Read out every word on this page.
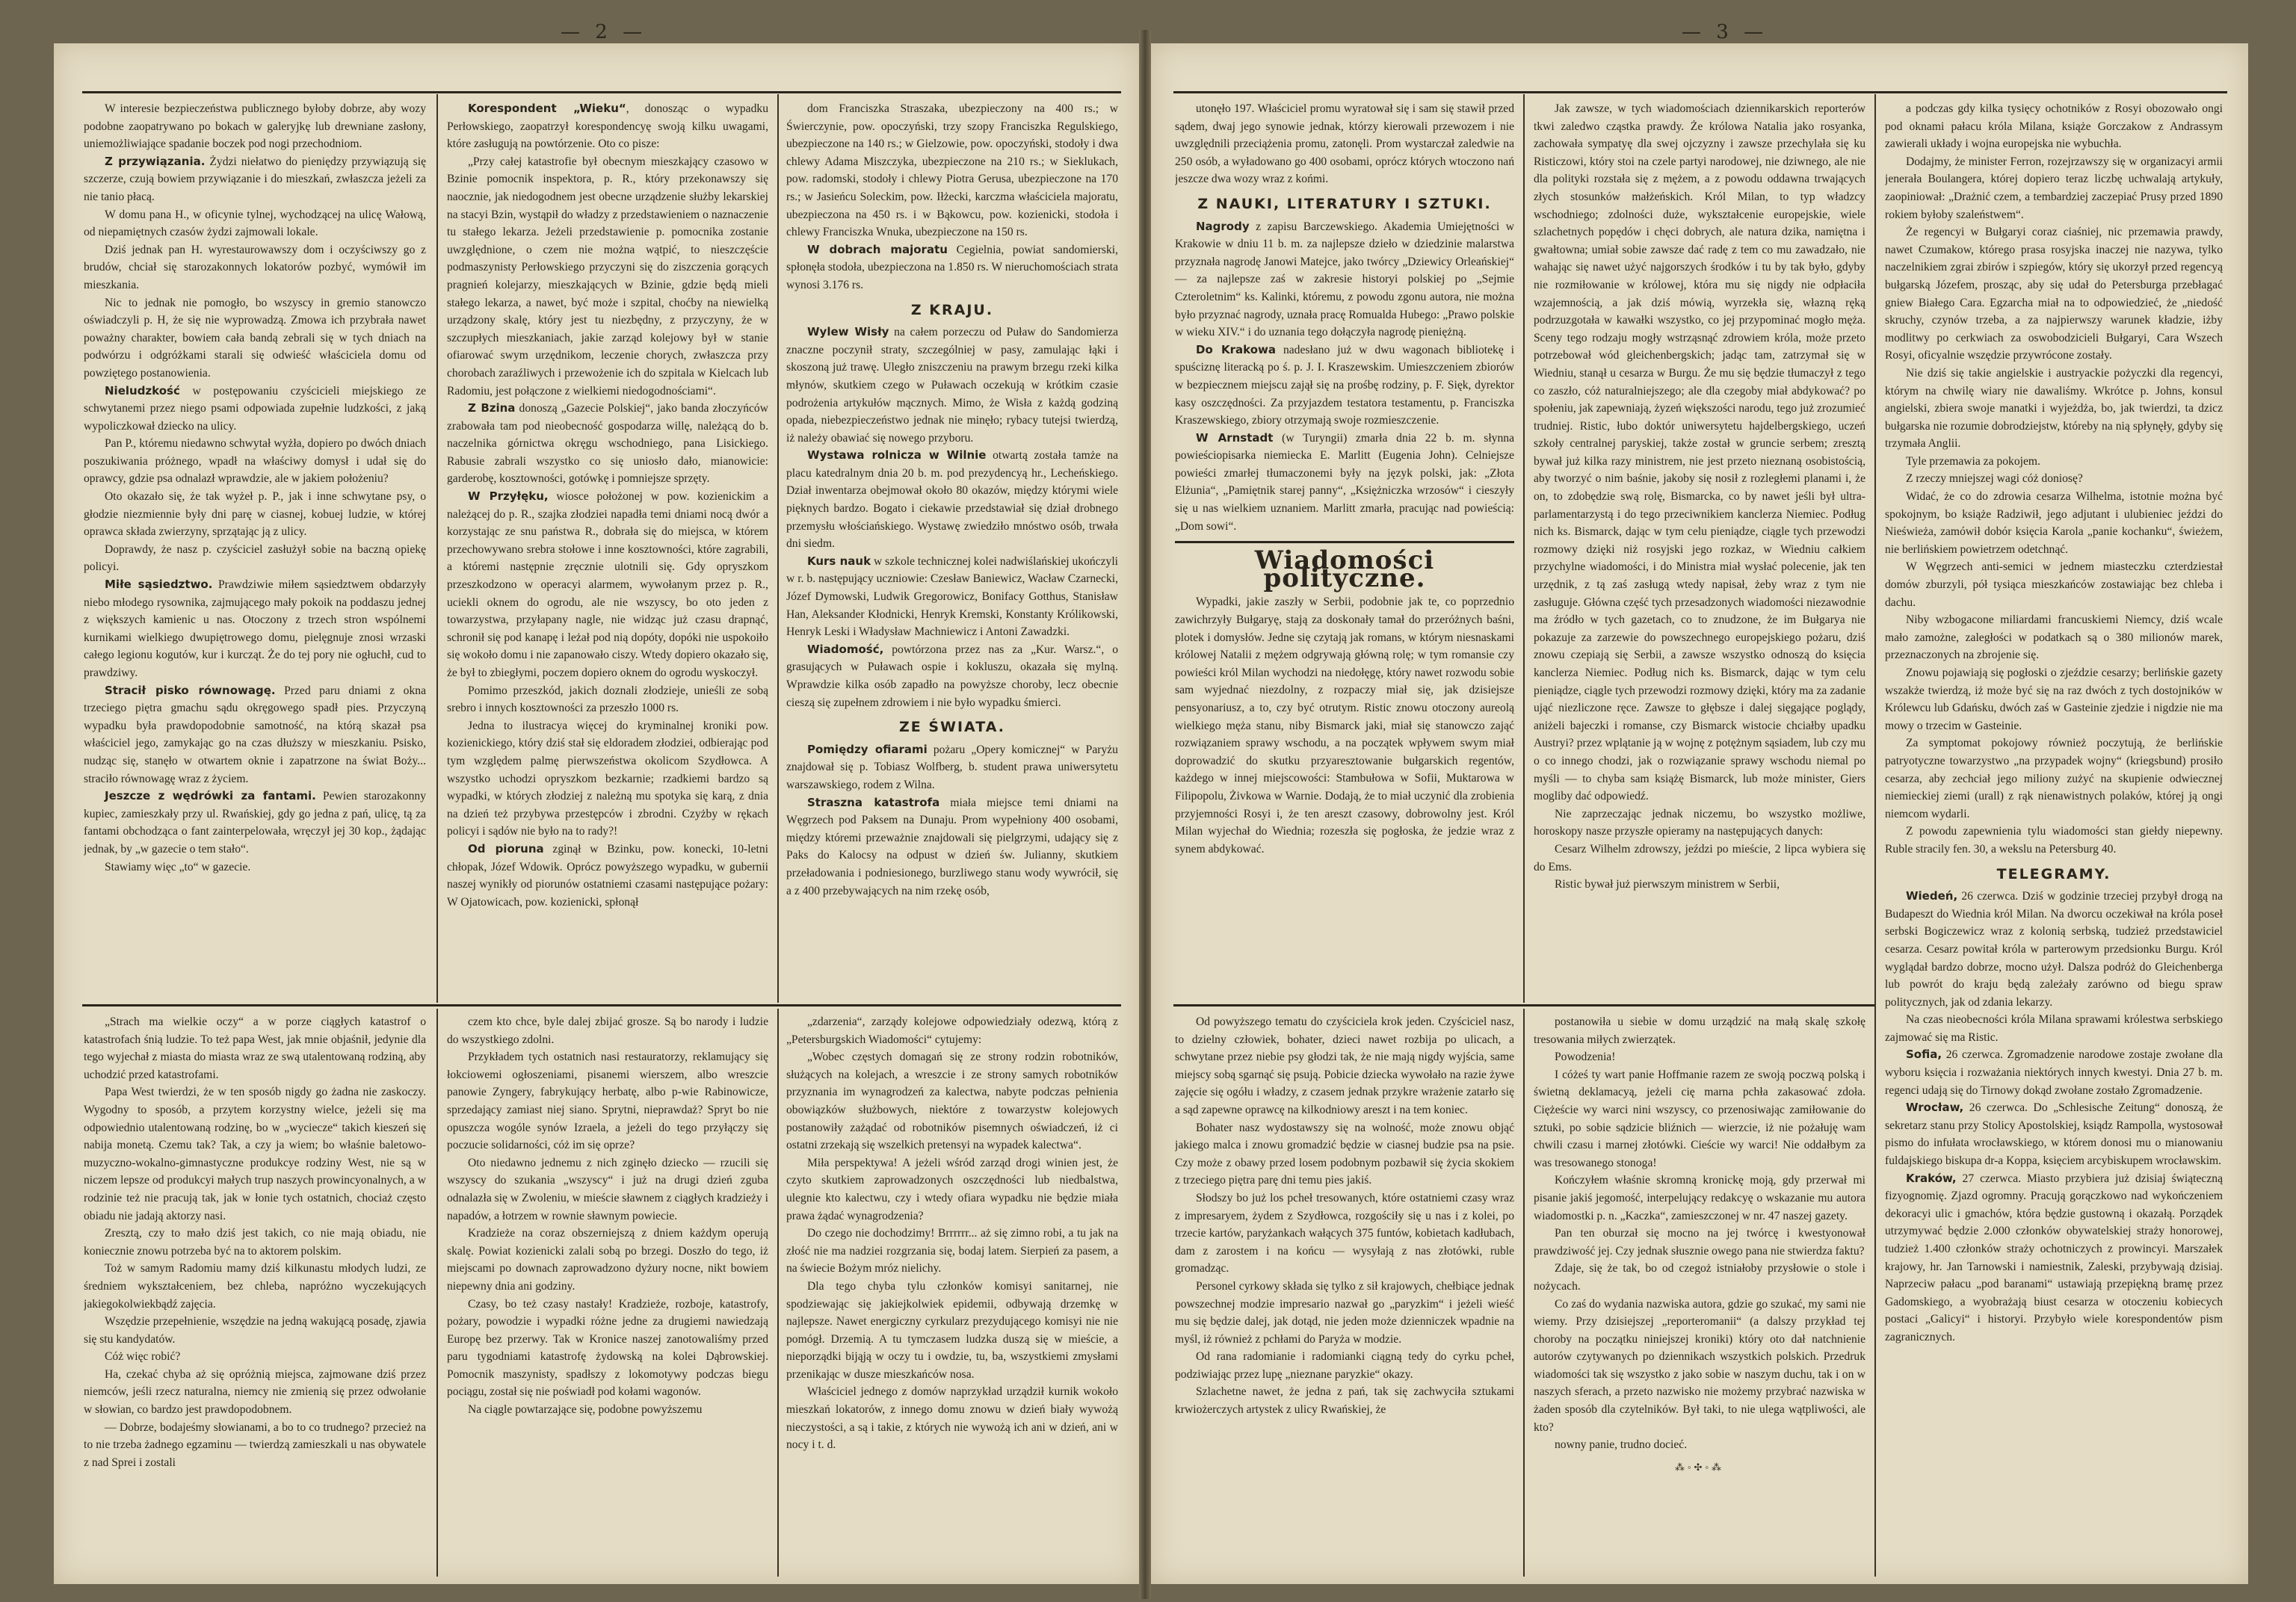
— 2 —	— 3 —

W interesie bezpieczeństwa publicznego byłoby dobrze, aby wozy podobne zaopatrywano po bokach w galeryjkę lub drewniane zasłony, uniemożliwiające spadanie boczek pod nogi przechodniom.

Z przywiązania. Żydzi niełatwo do pieniędzy przywiązują się szczerze, czują bowiem przywiązanie i do mieszkań, zwłaszcza jeżeli za nie tanio płacą.

W domu pana H., w oficynie tylnej, wychodzącej na ulicę Wałową, od niepamiętnych czasów żydzi zajmowali lokale.

Dziś jednak pan H. wyrestaurowawszy dom i oczyściwszy go z brudów, chciał się starozakonnych lokatorów pozbyć, wymówił im mieszkania.

Nic to jednak nie pomogło, bo wszyscy in gremio stanowczo oświadczyli p. H, że się nie wyprowadzą. Zmowa ich przybrała nawet poważny charakter, bowiem cała bandą zebrali się w tych dniach na podwórzu i odgróżkami starali się odwieść właściciela domu od powziętego postanowienia.

Nieludzkość w postępowaniu czyścicieli miejskiego ze schwytanemi przez niego psami odpowiada zupełnie ludzkości, z jaką wypoliczkował dziecko na ulicy.

Pan P., któremu niedawno schwytał wyżła, dopiero po dwóch dniach poszukiwania próżnego, wpadł na właściwy domysł i udał się do oprawcy, gdzie psa odnalazł wprawdzie, ale w jakiem położeniu?

Oto okazało się, że tak wyżeł p. P., jak i inne schwytane psy, o głodzie niezmiennie były dni parę w ciasnej, kobuej ludzie, w której oprawca składa zwierzyny, sprzątając ją z ulicy.

Doprawdy, że nasz p. czyściciel zasłużył sobie na baczną opiekę policyi.

Miłe sąsiedztwo. Prawdziwie miłem sąsiedztwem obdarzyły niebo młodego rysownika, zajmującego mały pokoik na poddaszu jednej z większych kamienic u nas. Otoczony z trzech stron wspólnemi kurnikami wielkiego dwupiętrowego domu, pielęgnuje znosi wrzaski całego legionu kogutów, kur i kurcząt. Że do tej pory nie ogłuchł, cud to prawdziwy.

Stracił pisko równowagę. Przed paru dniami z okna trzeciego piętra gmachu sądu okręgowego spadł pies. Przyczyną wypadku była prawdopodobnie samotność, na którą skazał psa właściciel jego, zamykając go na czas dłuższy w mieszkaniu. Psisko, nudząc się, stanęło w otwartem oknie i zapatrzone na świat Boży... straciło równowagę wraz z życiem.

Jeszcze z wędrówki za fantami. Pewien starozakonny kupiec, zamieszkały przy ul. Rwańskiej, gdy go jedna z pań, ulicę, tą za fantami obchodząca o fant zainterpelowała, wręczył jej 30 kop., żądając jednak, by „w gazecie o tem stało“.

Stawiamy więc „to“ w gazecie.

Korespondent „Wieku“, donosząc o wypadku Perłowskiego, zaopatrzył korespondencyę swoją kilku uwagami, które zasługują na powtórzenie. Oto co pisze:

„Przy całej katastrofie był obecnym mieszkający czasowo w Bzinie pomocnik inspektora, p. R., który przekonawszy się naocznie, jak niedogodnem jest obecne urządzenie służby lekarskiej na stacyi Bzin, wystąpił do władzy z przedstawieniem o naznaczenie tu stałego lekarza. Jeżeli przedstawienie p. pomocnika zostanie uwzględnione, o czem nie można wątpić, to nieszczęście podmaszynisty Perłowskiego przyczyni się do ziszczenia gorących pragnień kolejarzy, mieszkających w Bzinie, gdzie będą mieli stałego lekarza, a nawet, być może i szpital, choćby na niewielką urządzony skalę, który jest tu niezbędny, z przyczyny, że w szczupłych mieszkaniach, jakie zarząd kolejowy był w stanie ofiarować swym urzędnikom, leczenie chorych, zwłaszcza przy chorobach zaraźliwych i przewożenie ich do szpitala w Kielcach lub Radomiu, jest połączone z wielkiemi niedogodnościami“.

Z Bzina donoszą „Gazecie Polskiej“, jako banda złoczyńców zrabowała tam pod nieobecność gospodarza willę, należącą do b. naczelnika górnictwa okręgu wschodniego, pana Lisickiego. Rabusie zabrali wszystko co się uniosło dało, mianowicie: garderobę, kosztowności, gotówkę i pomniejsze sprzęty.

W Przyłęku, wiosce położonej w pow. kozienickim a należącej do p. R., szajka złodziei napadła temi dniami nocą dwór a korzystając ze snu państwa R., dobrała się do miejsca, w którem przechowywano srebra stołowe i inne kosztowności, które zagrabili, a któremi następnie zręcznie ulotnili się. Gdy opryszkom przeszkodzono w operacyi alarmem, wywołanym przez p. R., uciekli oknem do ogrodu, ale nie wszyscy, bo oto jeden z towarzystwa, przyłapany nagle, nie widząc już czasu drapnąć, schronił się pod kanapę i leżał pod nią dopóty, dopóki nie uspokoiło się wokoło domu i nie zapanowało ciszy. Wtedy dopiero okazało się, że był to zbiegłymi, poczem dopiero oknem do ogrodu wyskoczył.

Pomimo przeszkód, jakich doznali złodzieje, unieśli ze sobą srebro i innych kosztowności za przeszło 1000 rs.

Jedna to ilustracya więcej do kryminalnej kroniki pow. kozienickiego, który dziś stał się eldoradem złodziei, odbierając pod tym względem palmę pierwszeństwa okolicom Szydłowca. A wszystko uchodzi opryszkom bezkarnie; rzadkiemi bardzo są wypadki, w których złodziej z należną mu spotyka się karą, z dnia na dzień też przybywa przestępców i zbrodni. Czyżby w rękach policyi i sądów nie było na to rady?!

Od pioruna zginął w Bzinku, pow. konecki, 10-letni chłopak, Józef Wdowik. Oprócz powyższego wypadku, w gubernii naszej wynikły od piorunów ostatniemi czasami następujące pożary: W Ojatowicach, pow. kozienicki, spłonął

dom Franciszka Straszaka, ubezpieczony na 400 rs.; w Świerczynie, pow. opoczyński, trzy szopy Franciszka Regulskiego, ubezpieczone na 140 rs.; w Gielzowie, pow. opoczyński, stodoły i dwa chlewy Adama Miszczyka, ubezpieczone na 210 rs.; w Sieklukach, pow. radomski, stodoły i chlewy Piotra Gerusa, ubezpieczone na 170 rs.; w Jasieńcu Soleckim, pow. Iłżecki, karczma właściciela majoratu, ubezpieczona na 450 rs. i w Bąkowcu, pow. kozienicki, stodoła i chlewy Franciszka Wnuka, ubezpieczone na 150 rs.

W dobrach majoratu Cegielnia, powiat sandomierski, spłonęła stodoła, ubezpieczona na 1.850 rs. W nieruchomościach strata wynosi 3.176 rs.

Z KRAJU.

Wylew Wisły na całem porzeczu od Puław do Sandomierza znaczne poczynił straty, szczególniej w pasy, zamulając łąki i skoszoną już trawę. Uległo zniszczeniu na prawym brzegu rzeki kilka młynów, skutkiem czego w Puławach oczekują w krótkim czasie podrożenia artykułów mącznych. Mimo, że Wisła z każdą godziną opada, niebezpieczeństwo jednak nie minęło; rybacy tutejsi twierdzą, iż należy obawiać się nowego przyboru.

Wystawa rolnicza w Wilnie otwartą została tamże na placu katedralnym dnia 20 b. m. pod prezydencyą hr., Lecheńskiego. Dział inwentarza obejmował około 80 okazów, między którymi wiele pięknych bardzo. Bogato i ciekawie przedstawiał się dział drobnego przemysłu włościańskiego. Wystawę zwiedziło mnóstwo osób, trwała dni siedm.

Kurs nauk w szkole technicznej kolei nadwiślańskiej ukończyli w r. b. następujący uczniowie: Czesław Baniewicz, Wacław Czarnecki, Józef Dymowski, Ludwik Gregorowicz, Bonifacy Gotthus, Stanisław Han, Aleksander Kłodnicki, Henryk Kremski, Konstanty Królikowski, Henryk Leski i Władysław Machniewicz i Antoni Zawadzki.

Wiadomość, powtórzona przez nas za „Kur. Warsz.“, o grasujących w Puławach ospie i kokluszu, okazała się mylną. Wprawdzie kilka osób zapadło na powyższe choroby, lecz obecnie cieszą się zupełnem zdrowiem i nie było wypadku śmierci.

ZE ŚWIATA.

Pomiędzy ofiarami pożaru „Opery komicznej“ w Paryżu znajdował się p. Tobiasz Wolfberg, b. student prawa uniwersytetu warszawskiego, rodem z Wilna.

Straszna katastrofa miała miejsce temi dniami na Węgrzech pod Paksem na Dunaju. Prom wypełniony 400 osobami, między któremi przeważnie znajdowali się pielgrzymi, udający się z Paks do Kalocsy na odpust w dzień św. Julianny, skutkiem przeładowania i podniesionego, burzliwego stanu wody wywrócił, się a z 400 przebywających na nim rzekę osób,

utonęło 197. Właściciel promu wyratował się i sam się stawił przed sądem, dwaj jego synowie jednak, którzy kierowali przewozem i nie uwzględnili przeciążenia promu, zatonęli. Prom wystarczał zaledwie na 250 osób, a wyładowano go 400 osobami, oprócz których wtoczono nań jeszcze dwa wozy wraz z końmi.

Z NAUKI, LITERATURY I SZTUKI.

Nagrody z zapisu Barczewskiego. Akademia Umiejętności w Krakowie w dniu 11 b. m. za najlepsze dzieło w dziedzinie malarstwa przyznała nagrodę Janowi Matejce, jako twórcy „Dziewicy Orleańskiej“ — za najlepsze zaś w zakresie historyi polskiej po „Sejmie Czteroletnim“ ks. Kalinki, któremu, z powodu zgonu autora, nie można było przyznać nagrody, uznała pracę Romualda Hubego: „Prawo polskie w wieku XIV.“ i do uznania tego dołączyła nagrodę pieniężną.

Do Krakowa nadesłano już w dwu wagonach bibliotekę i spuściznę literacką po ś. p. J. I. Kraszewskim. Umieszczeniem zbiorów w bezpiecznem miejscu zajął się na prośbę rodziny, p. F. Sięk, dyrektor kasy oszczędności. Za przyjazdem testatora testamentu, p. Franciszka Kraszewskiego, zbiory otrzymają swoje rozmieszczenie.

W Arnstadt (w Turyngii) zmarła dnia 22 b. m. słynna powieściopisarka niemiecka E. Marlitt (Eugenia John). Celniejsze powieści zmarłej tłumaczonemi były na język polski, jak: „Złota Elżunia“, „Pamiętnik starej panny“, „Księżniczka wrzosów“ i cieszyły się u nas wielkiem uznaniem. Marlitt zmarła, pracując nad powieścią: „Dom sowi“.

Wiadomości polityczne.

Wypadki, jakie zaszły w Serbii, podobnie jak te, co poprzednio zawichrzyły Bułgaryę, stają za doskonały tamał do przeróżnych baśni, plotek i domysłów. Jedne się czytają jak romans, w którym niesnaskami królowej Natalii z mężem odgrywają główną rolę; w tym romansie czy powieści król Milan wychodzi na niedołęgę, który nawet rozwodu sobie sam wyjednać niezdolny, z rozpaczy miał się, jak dzisiejsze pensyonariusz, a to, czy być otrutym. Ristic znowu otoczony aureolą wielkiego męża stanu, niby Bismarck jaki, miał się stanowczo zająć rozwiązaniem sprawy wschodu, a na początek wpływem swym miał doprowadzić do skutku przyaresztowanie bułgarskich regentów, każdego w innej miejscowości: Stambułowa w Sofii, Muktarowa w Filipopolu, Żivkowa w Warnie. Dodają, że to miał uczynić dla zrobienia przyjemności Rosyi i, że ten areszt czasowy, dobrowolny jest. Król Milan wyjechał do Wiednia; rozeszła się pogłoska, że jedzie wraz z synem abdykować.

Jak zawsze, w tych wiadomościach dziennikarskich reporterów tkwi zaledwo cząstka prawdy. Że królowa Natalia jako rosyanka, zachowała sympatyę dla swej ojczyzny i zawsze przechylała się ku Risticzowi, który stoi na czele partyi narodowej, nie dziwnego, ale nie dla polityki rozstała się z mężem, a z powodu oddawna trwających złych stosunków małżeńskich. Król Milan, to typ władzcy wschodniego; zdolności duże, wykształcenie europejskie, wiele szlachetnych popędów i chęci dobrych, ale natura dzika, namiętna i gwałtowna; umiał sobie zawsze dać radę z tem co mu zawadzało, nie wahając się nawet użyć najgorszych środków i tu by tak było, gdyby nie rozmiłowanie w królowej, która mu się nigdy nie odpłaciła wzajemnością, a jak dziś mówią, wyrzekła się, włazną ręką podrzuzgotała w kawałki wszystko, co jej przypominać mogło męża. Sceny tego rodzaju mogły wstrząsnąć zdrowiem króla, może przeto potrzebował wód gleichenbergskich; jadąc tam, zatrzymał się w Wiedniu, stanął u cesarza w Burgu. Że mu się będzie tłumaczył z tego co zaszło, cóż naturalniejszego; ale dla czegoby miał abdykować? po społeniu, jak zapewniają, żyzeń większości narodu, tego już zrozumieć trudniej. Ristic, łubo doktór uniwersytetu hajdelbergskiego, uczeń szkoły centralnej paryskiej, także został w gruncie serbem; zresztą bywał już kilka razy ministrem, nie jest przeto nieznaną osobistością, aby tworzyć o nim baśnie, jakoby się nosił z rozległemi planami i, że on, to zdobędzie swą rolę, Bismarcka, co by nawet jeśli był ultra-parlamentarzystą i do tego przeciwnikiem kanclerza Niemiec. Podług nich ks. Bismarck, dając w tym celu pieniądze, ciągle tych przewodzi rozmowy dzięki niż rosyjski jego rozkaz, w Wiedniu całkiem przychylne wiadomości, i do Ministra miał wysłać polecenie, jak ten urzędnik, z tą zaś zasługą wtedy napisał, żeby wraz z tym nie zasługuje. Główna część tych przesadzonych wiadomości niezawodnie ma źródło w tych gazetach, co to znudzone, że im Bułgarya nie pokazuje za zarzewie do powszechnego europejskiego pożaru, dziś znowu czepiają się Serbii, a zawsze wszystko odnoszą do księcia kanclerza Niemiec. Podług nich ks. Bismarck, dając w tym celu pieniądze, ciągle tych przewodzi rozmowy dzięki, który ma za zadanie ująć niezliczone ręce. Zawsze to głębsze i dalej sięgające poglądy, aniżeli bajeczki i romanse, czy Bismarck wistocie chciałby upadku Austryi? przez wplątanie ją w wojnę z potężnym sąsiadem, lub czy mu o co innego chodzi, jak o rozwiązanie sprawy wschodu niemal po myśli — to chyba sam książę Bismarck, lub może minister, Giers mogliby dać odpowiedź.

Nie zaprzeczając jednak niczemu, bo wszystko możliwe, horoskopy nasze przyszłe opieramy na następujących danych:

Cesarz Wilhelm zdrowszy, jeździ po mieście, 2 lipca wybiera się do Ems.

Ristic bywał już pierwszym ministrem w Serbii,

a podczas gdy kilka tysięcy ochotników z Rosyi obozowało ongi pod oknami pałacu króla Milana, książe Gorczakow z Andrassym zawierali układy i wojna europejska nie wybuchła.

Dodajmy, że minister Ferron, rozejrzawszy się w organizacyi armii jenerała Boulangera, której dopiero teraz liczbę uchwalają artykuły, zaopiniował: „Drażnić czem, a tembardziej zaczepiać Prusy przed 1890 rokiem byłoby szaleństwem“.

Że regencyi w Bułgaryi coraz ciaśniej, nic przemawia prawdy, nawet Czumakow, którego prasa rosyjska inaczej nie nazywa, tylko naczelnikiem zgrai zbirów i szpiegów, który się ukorzył przed regencyą bułgarską Józefem, prosząc, aby się udał do Petersburga przebłagać gniew Białego Cara. Egzarcha miał na to odpowiedzieć, że „niedość skruchy, czynów trzeba, a za najpierwszy warunek kładzie, iżby modlitwy po cerkwiach za oswobodzicieli Bułgaryi, Cara Wszech Rosyi, oficyalnie wszędzie przywrócone zostały.

Nie dziś się takie angielskie i austryackie pożyczki dla regencyi, którym na chwilę wiary nie dawaliśmy. Wkrótce p. Johns, konsul angielski, zbiera swoje manatki i wyjeżdża, bo, jak twierdzi, ta dzicz bułgarska nie rozumie dobrodziejstw, któreby na nią spłynęły, gdyby się trzymała Anglii.

Tyle przemawia za pokojem.

Z rzeczy mniejszej wagi cóż doniosę?

Widać, że co do zdrowia cesarza Wilhelma, istotnie można być spokojnym, bo książe Radziwił, jego adjutant i ulubieniec jeździ do Nieświeża, zamówił dobór księcia Karola „panie kochanku“, świeżem, nie berlińskiem powietrzem odetchnąć.

W Węgrzech anti-semici w jednem miasteczku czterdziestał domów zburzyli, pół tysiąca mieszkańców zostawiając bez chleba i dachu.

Niby wzbogacone miliardami francuskiemi Niemcy, dziś wcale mało zamożne, zaległości w podatkach są o 380 milionów marek, przeznaczonych na zbrojenie się.

Znowu pojawiają się pogłoski o zjeździe cesarzy; berlińskie gazety wszakże twierdzą, iż może być się na raz dwóch z tych dostojników w Królewcu lub Gdańsku, dwóch zaś w Gasteinie zjedzie i nigdzie nie ma mowy o trzecim w Gasteinie.

Za symptomat pokojowy również poczytują, że berlińskie patryotyczne towarzystwo „na przypadek wojny“ (kriegsbund) prosiło cesarza, aby zechciał jego miliony zużyć na skupienie odwiecznej niemieckiej ziemi (urall) z rąk nienawistnych polaków, której ją ongi niemcom wydarli.

Z powodu zapewnienia tylu wiadomości stan giełdy niepewny. Ruble stracily fen. 30, a wekslu na Petersburg 40.

TELEGRAMY.

Wiedeń, 26 czerwca. Dziś w godzinie trzeciej przybył drogą na Budapeszt do Wiednia król Milan. Na dworcu oczekiwał na króla poseł serbski Bogiczewicz wraz z kolonią serbską, tudzież przedstawiciel cesarza. Cesarz powitał króla w parterowym przedsionku Burgu. Król wyglądał bardzo dobrze, mocno użył. Dalsza podróż do Gleichenberga lub powrót do kraju będą zależały zarówno od biegu spraw politycznych, jak od zdania lekarzy.

Na czas nieobecności króla Milana sprawami królestwa serbskiego zajmować się ma Ristic.

Sofia, 26 czerwca. Zgromadzenie narodowe zostaje zwołane dla wyboru księcia i rozważania niektórych innych kwestyi. Dnia 27 b. m. regenci udają się do Tirnowy dokąd zwołane zostało Zgromadzenie.

Wrocław, 26 czerwca. Do „Schlesische Zeitung“ donoszą, że sekretarz stanu przy Stolicy Apostolskiej, ksiądz Rampolla, wystosował pismo do infułata wrocławskiego, w którem donosi mu o mianowaniu fuldajskiego biskupa dr-a Koppa, księciem arcybiskupem wrocławskim.

Kraków, 27 czerwca. Miasto przybiera już dzisiaj świąteczną fizyognomię. Zjazd ogromny. Pracują gorączkowo nad wykończeniem dekoracyi ulic i gmachów, która będzie gustowną i okazałą. Porządek utrzymywać będzie 2.000 członków obywatelskiej straży honorowej, tudzież 1.400 członków straży ochotniczych z prowincyi. Marszałek krajowy, hr. Jan Tarnowski i namiestnik, Zaleski, przybywają dzisiaj. Naprzeciw pałacu „pod baranami“ ustawiają przepiękną bramę przez Gadomskiego, a wyobrażają biust cesarza w otoczeniu kobiecych postaci „Galicyi“ i historyi. Przybyło wiele korespondentów pism zagranicznych.

„Strach ma wielkie oczy“ a w porze ciągłych katastrof o katastrofach śnią ludzie. To też papa West, jak mnie objaśnił, jedynie dla tego wyjechał z miasta do miasta wraz ze swą utalentowaną rodziną, aby uchodzić przed katastrofami.

Papa West twierdzi, że w ten sposób nigdy go żadna nie zaskoczy. Wygodny to sposób, a przytem korzystny wielce, jeżeli się ma odpowiednio utalentowaną rodzinę, bo w „wyciecze“ takich kieszeń się nabija monetą. Czemu tak? Tak, a czy ja wiem; bo właśnie baletowo-muzyczno-wokalno-gimnastyczne produkcye rodziny West, nie są w niczem lepsze od produkcyi małych trup naszych prowincyonalnych, a w rodzinie też nie pracują tak, jak w łonie tych ostatnich, chociaż często obiadu nie jadają aktorzy nasi.

Zresztą, czy to mało dziś jest takich, co nie mają obiadu, nie koniecznie znowu potrzeba być na to aktorem polskim.

Toż w samym Radomiu mamy dziś kilkunastu młodych ludzi, ze średniem wykształceniem, bez chleba, napróżno wyczekujących jakiegokolwiekbądź zajęcia.

Wszędzie przepełnienie, wszędzie na jedną wakującą posadę, zjawia się stu kandydatów.

Cóż więc robić?

Ha, czekać chyba aż się opróżnią miejsca, zajmowane dziś przez niemców, jeśli rzecz naturalna, niemcy nie zmienią się przez odwołanie w słowian, co bardzo jest prawdopodobnem.

— Dobrze, bodajeśmy słowianami, a bo to co trudnego? przecież na to nie trzeba żadnego egzaminu — twierdzą zamieszkali u nas obywatele z nad Sprei i zostali

czem kto chce, byle dalej zbijać grosze. Są bo narody i ludzie do wszystkiego zdolni.

Przykładem tych ostatnich nasi restauratorzy, reklamujący się łokciowemi ogłoszeniami, pisanemi wierszem, albo wreszcie panowie Zyngery, fabrykujący herbatę, albo p-wie Rabinowicze, sprzedający zamiast niej siano. Sprytni, nieprawdaż? Spryt bo nie opuszcza wogóle synów Izraela, a jeżeli do tego przyłączy się poczucie solidarności, cóż im się oprze?

Oto niedawno jednemu z nich zginęło dziecko — rzucili się wszyscy do szukania „wszyscy“ i już na drugi dzień zguba odnalazła się w Zwoleniu, w mieście sławnem z ciągłych kradzieży i napadów, a łotrzem w rownie sławnym powiecie.

Kradzieże na coraz obszerniejszą z dniem każdym operują skalę. Powiat kozienicki zalali sobą po brzegi. Doszło do tego, iż miejscami po downach zaprowadzono dyżury nocne, nikt bowiem niepewny dnia ani godziny.

Czasy, bo też czasy nastały! Kradzieże, rozboje, katastrofy, pożary, powodzie i wypadki różne jedne za drugiemi nawiedzają Europę bez przerwy. Tak w Kronice naszej zanotowaliśmy przed paru tygodniami katastrofę żydowską na kolei Dąbrowskiej. Pomocnik maszynisty, spadłszy z lokomotywy podczas biegu pociągu, został się nie poświadł pod kołami wagonów.

Na ciągle powtarzające się, podobne powyższemu

„zdarzenia“, zarządy kolejowe odpowiedziały odezwą, którą z „Petersburgskich Wiadomości“ cytujemy:

„Wobec częstych domagań się ze strony rodzin robotników, służących na kolejach, a wreszcie i ze strony samych robotników przyznania im wynagrodzeń za kalectwa, nabyte podczas pełnienia obowiązków służbowych, niektóre z towarzystw kolejowych postanowiły zażądać od robotników pisemnych oświadczeń, iż ci ostatni zrzekają się wszelkich pretensyi na wypadek kalectwa“.

Miła perspektywa! A jeżeli wśród zarząd drogi winien jest, że czyto skutkiem zaprowadzonych oszczędności lub niedbalstwa, ulegnie kto kalectwu, czy i wtedy ofiara wypadku nie będzie miała prawa żądać wynagrodzenia?

Do czego nie dochodzimy! Brrrrrr... aż się zimno robi, a tu jak na złość nie ma nadziei rozgrzania się, bodaj latem. Sierpień za pasem, a na świecie Bożym mróz nielichy.

Dla tego chyba tylu członków komisyi sanitarnej, nie spodziewając się jakiejkolwiek epidemii, odbywają drzemkę w najlepsze. Nawet energiczny cyrkularz prezydującego komisyi nie nie pomógł. Drzemią. A tu tymczasem ludzka duszą się w mieście, a nieporządki bijąją w oczy tu i owdzie, tu, ba, wszystkiemi zmysłami przenikając w dusze mieszkańców nosa.

Właściciel jednego z domów naprzykład urządził kurnik wokoło mieszkań lokatorów, z innego domu znowu w dzień biały wywożą nieczystości, a są i takie, z których nie wywożą ich ani w dzień, ani w nocy i t. d.

Od powyższego tematu do czyściciela krok jeden. Czyściciel nasz, to dzielny człowiek, bohater, dzieci nawet rozbija po ulicach, a schwytane przez niebie psy głodzi tak, że nie mają nigdy wyjścia, same miejscy sobą sgarnąć się psują. Pobicie dziecka wywołało na razie żywe zajęcie się ogółu i władzy, z czasem jednak przykre wrażenie zatarło się a sąd zapewne oprawcę na kilkodniowy areszt i na tem koniec.

Bohater nasz wydostawszy się na wolność, może znowu objąć jakiego malca i znowu gromadzić będzie w ciasnej budzie psa na psie. Czy może z obawy przed losem podobnym pozbawił się życia skokiem z trzeciego piętra parę dni temu pies jakiś.

Słodszy bo już los pcheł tresowanych, które ostatniemi czasy wraz z impresaryem, żydem z Szydłowca, rozgościły się u nas i z kolei, po trzecie kartów, paryżankach wałących 375 funtów, kobietach kadłubach, dam z zarostem i na końcu — wysyłają z nas złotówki, ruble gromadząc.

Personel cyrkowy składa się tylko z sił krajowych, chełbiące jednak powszechnej modzie impresario nazwał go „paryzkim“ i jeżeli wieść mu się będzie dalej, jak dotąd, nie jeden może dzienniczek wpadnie na myśl, iż również z pchłami do Paryża w modzie.

Od rana radomianie i radomianki ciągną tedy do cyrku pcheł, podziwiając przez lupę „nieznane paryzkie“ okazy.

Szlachetne nawet, że jedna z pań, tak się zachwyciła sztukami krwiożerczych artystek z ulicy Rwańskiej, że

postanowiła u siebie w domu urządzić na małą skalę szkołę tresowania miłych zwierzątek.

Powodzenia!

I cóżeś ty wart panie Hoffmanie razem ze swoją poczwą polską i świetną deklamacyą, jeżeli cię marna pchła zakasować zdoła. Ciężeście wy warci nini wszyscy, co przenosiwając zamiłowanie do sztuki, po sobie sądzicie bliźnich — wierzcie, iż nie pożałuję wam chwili czasu i marnej złotówki. Cieście wy warci! Nie oddałbym za was tresowanego stonoga!

Kończyłem właśnie skromną kronickę moją, gdy przerwał mi pisanie jakiś jegomość, interpelujący redakcyę o wskazanie mu autora wiadomostki p. n. „Kaczka“, zamieszczonej w nr. 47 naszej gazety.

Pan ten oburzał się mocno na jej twórcę i kwestyonował prawdziwość jej. Czy jednak słusznie owego pana nie stwierdza faktu?

Zdaje, się że tak, bo od czegoż istniałoby przysłowie o stole i nożycach.

Co zaś do wydania nazwiska autora, gdzie go szukać, my sami nie wiemy. Przy dzisiejszej „reporteromanii“ (a dalszy przykład tej choroby na początku niniejszej kroniki) który oto dał natchnienie autorów czytywanych po dziennikach wszystkich polskich. Przedruk wiadomości tak się wszystko z jako sobie w naszym duchu, tak i on w naszych sferach, a przeto nazwisko nie możemy przybrać nazwiska w żaden sposób dla czytelników. Był taki, to nie ulega wątpliwości, ale kto?

nowny panie, trudno docieć.

⁂◦✣◦⁂
